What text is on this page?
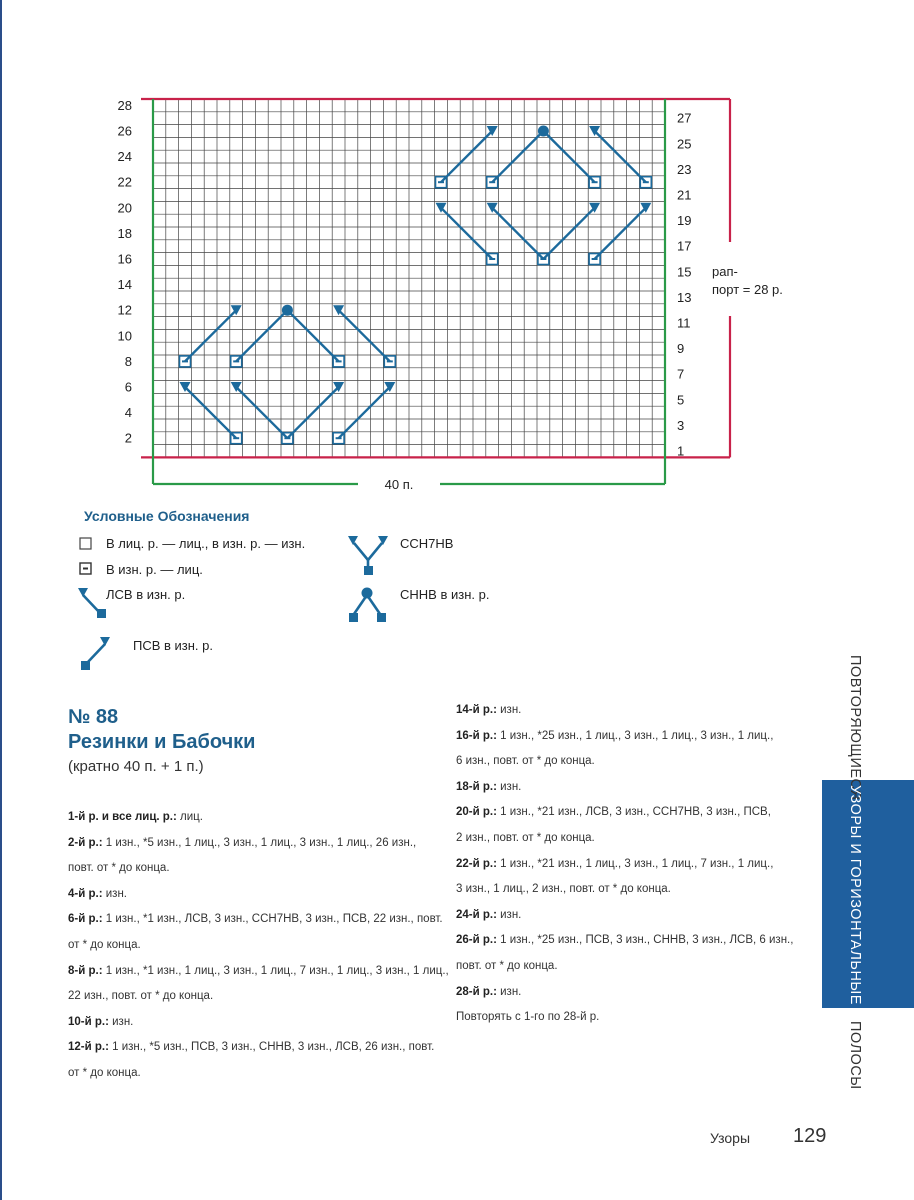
28
26
24
22
20
18
16
14
12
10
8
6
4
2
27
25
23
21
19
17
15
13
11
9
7
5
3
1
40 п.
рап-
порт = 28 р.
Условные Обозначения
В лиц. р. — лиц., в изн. р. — изн.
В изн. р. — лиц.
ЛСВ в изн. р.
ПСВ в изн. р.
ССН7НВ
СННВ в изн. р.
№ 88
Резинки и Бабочки
(кратно 40 п. + 1 п.)
1-й р. и все лиц. р.: лиц.
2-й р.: 1 изн., *5 изн., 1 лиц., 3 изн., 1 лиц., 3 изн., 1 лиц., 26 изн.,
повт. от * до конца.
4-й р.: изн.
6-й р.: 1 изн., *1 изн., ЛСВ, 3 изн., ССН7НВ, 3 изн., ПСВ, 22 изн., повт.
от * до конца.
8-й р.: 1 изн., *1 изн., 1 лиц., 3 изн., 1 лиц., 7 изн., 1 лиц., 3 изн., 1 лиц.,
22 изн., повт. от * до конца.
10-й р.: изн.
12-й р.: 1 изн., *5 изн., ПСВ, 3 изн., СННВ, 3 изн., ЛСВ, 26 изн., повт.
от * до конца.
14-й р.: изн.
16-й р.: 1 изн., *25 изн., 1 лиц., 3 изн., 1 лиц., 3 изн., 1 лиц.,
6 изн., повт. от * до конца.
18-й р.: изн.
20-й р.: 1 изн., *21 изн., ЛСВ, 3 изн., ССН7НВ, 3 изн., ПСВ,
2 изн., повт. от * до конца.
22-й р.: 1 изн., *21 изн., 1 лиц., 3 изн., 1 лиц., 7 изн., 1 лиц.,
3 изн., 1 лиц., 2 изн., повт. от * до конца.
24-й р.: изн.
26-й р.: 1 изн., *25 изн., ПСВ, 3 изн., СННВ, 3 изн., ЛСВ, 6 изн.,
повт. от * до конца.
28-й р.: изн.
Повторять с 1-го по 28-й р.
ПОВТОРЯЮЩИЕСЯУЗОРЫ И ГОРИЗОНТАЛЬНЫЕПОЛОСЫ
Узоры 129
